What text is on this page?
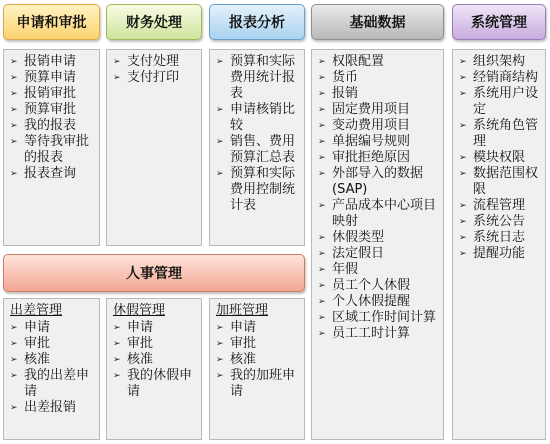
申请和审批	财务处理	报表分析	基础数据	系统管理
➢ 报销申请
➢ 预算申请
➢ 报销审批
➢ 预算审批
➢ 我的报表
➢ 等待我审批的报表
➢ 报表查询
➢ 支付处理
➢ 支付打印
➢ 预算和实际费用统计报表
➢ 申请核销比较
➢ 销售、费用预算汇总表
➢ 预算和实际费用控制统计表
➢ 权限配置
➢ 货币
➢ 报销
➢ 固定费用项目
➢ 变动费用项目
➢ 单据编号规则
➢ 审批拒绝原因
➢ 外部导入的数据(SAP)
➢ 产品成本中心项目映射
➢ 休假类型
➢ 法定假日
➢ 年假
➢ 员工个人休假
➢ 个人休假提醒
➢ 区域工作时间计算
➢ 员工工时计算
➢ 组织架构
➢ 经销商结构
➢ 系统用户设定
➢ 系统角色管理
➢ 模块权限
➢ 数据范围权限
➢ 流程管理
➢ 系统公告
➢ 系统日志
➢ 提醒功能
人事管理
出差管理
➢ 申请
➢ 审批
➢ 核准
➢ 我的出差申请
➢ 出差报销
休假管理
➢ 申请
➢ 审批
➢ 核准
➢ 我的休假申请
加班管理
➢ 申请
➢ 审批
➢ 核准
➢ 我的加班申请
